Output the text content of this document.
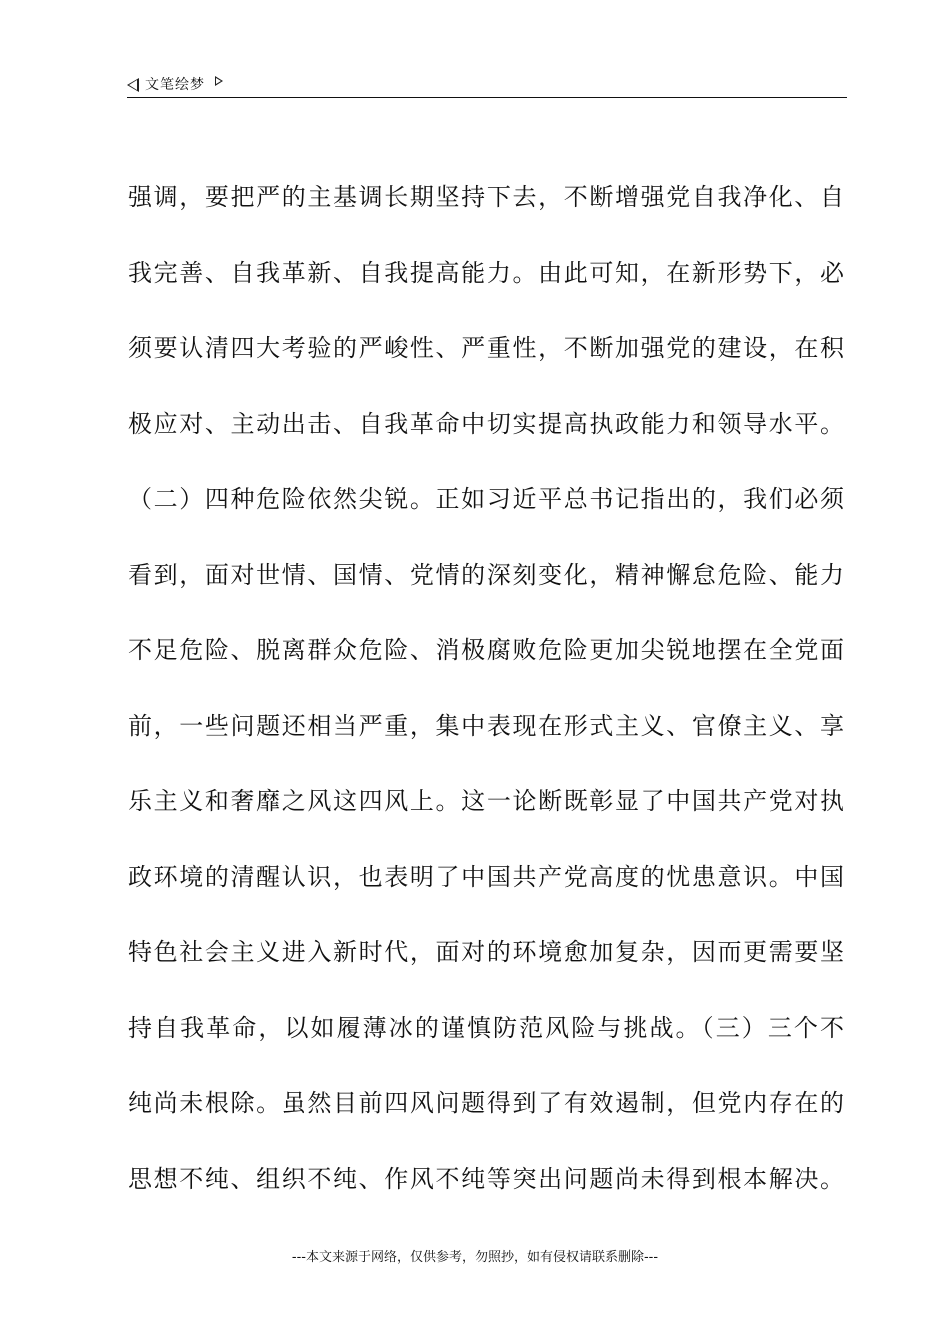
文笔绘梦
强调，要把严的主基调长期坚持下去，不断增强党自我净化、自
我完善、自我革新、自我提高能力。由此可知，在新形势下，必
须要认清四大考验的严峻性、严重性，不断加强党的建设，在积
极应对、主动出击、自我革命中切实提高执政能力和领导水平。
（二）四种危险依然尖锐。正如习近平总书记指出的，我们必须
看到，面对世情、国情、党情的深刻变化，精神懈怠危险、能力
不足危险、脱离群众危险、消极腐败危险更加尖锐地摆在全党面
前，一些问题还相当严重，集中表现在形式主义、官僚主义、享
乐主义和奢靡之风这四风上。这一论断既彰显了中国共产党对执
政环境的清醒认识，也表明了中国共产党高度的忧患意识。中国
特色社会主义进入新时代，面对的环境愈加复杂，因而更需要坚
持自我革命，以如履薄冰的谨慎防范风险与挑战。（三）三个不
纯尚未根除。虽然目前四风问题得到了有效遏制，但党内存在的
思想不纯、组织不纯、作风不纯等突出问题尚未得到根本解决。
---本文来源于网络，仅供参考，勿照抄，如有侵权请联系删除---
